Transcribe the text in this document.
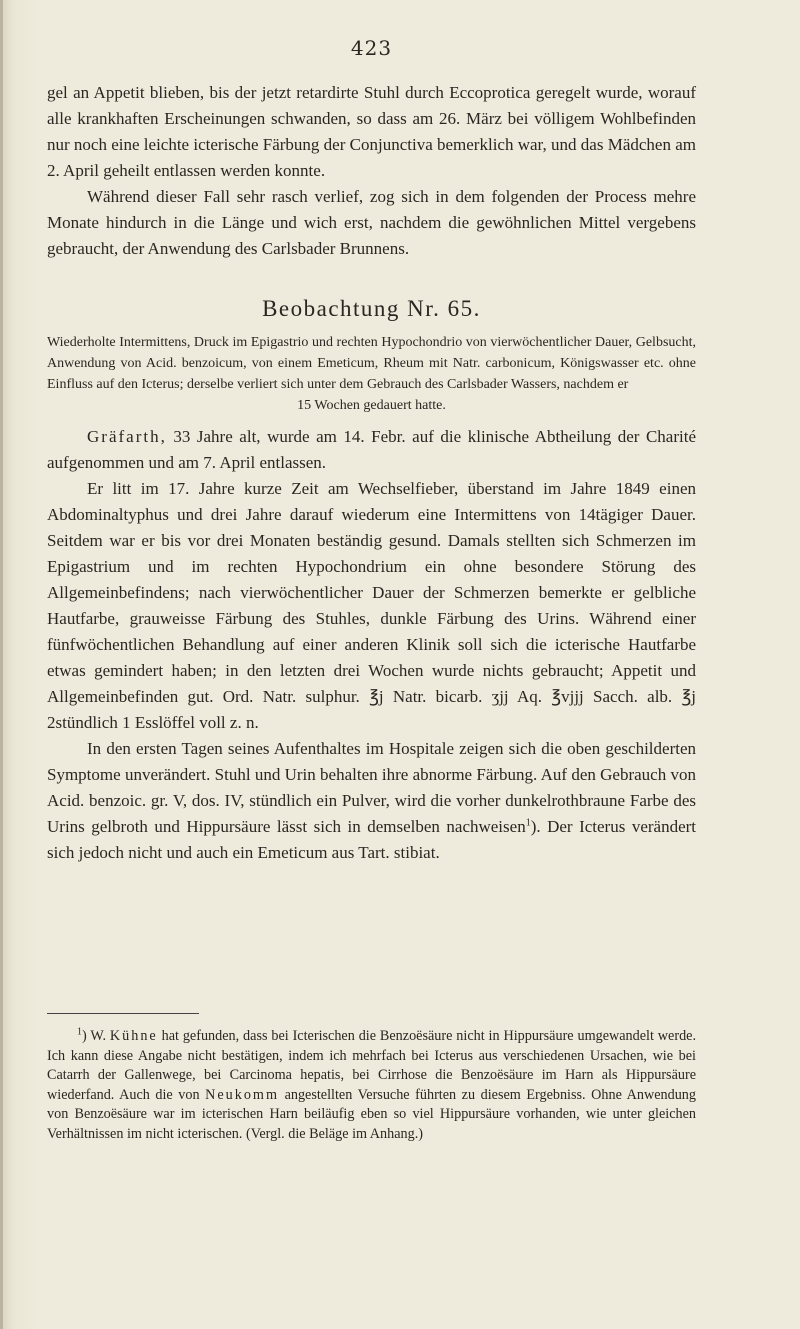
423

gel an Appetit blieben, bis der jetzt retardirte Stuhl durch Eccoprotica geregelt wurde, worauf alle krankhaften Erscheinungen schwanden, so dass am 26. März bei völligem Wohlbefinden nur noch eine leichte icterische Färbung der Conjunctiva bemerklich war, und das Mädchen am 2. April geheilt entlassen werden konnte.

Während dieser Fall sehr rasch verlief, zog sich in dem folgenden der Process mehre Monate hindurch in die Länge und wich erst, nachdem die gewöhnlichen Mittel vergebens gebraucht, der Anwendung des Carlsbader Brunnens.

Beobachtung Nr. 65.

Wiederholte Intermittens, Druck im Epigastrio und rechten Hypochondrio von vierwöchentlicher Dauer, Gelbsucht, Anwendung von Acid. benzoicum, von einem Emeticum, Rheum mit Natr. carbonicum, Königswasser etc. ohne Einfluss auf den Icterus; derselbe verliert sich unter dem Gebrauch des Carlsbader Wassers, nachdem er
15 Wochen gedauert hatte.

Gräfarth, 33 Jahre alt, wurde am 14. Febr. auf die klinische Abtheilung der Charité aufgenommen und am 7. April entlassen.

Er litt im 17. Jahre kurze Zeit am Wechselfieber, überstand im Jahre 1849 einen Abdominaltyphus und drei Jahre darauf wiederum eine Intermittens von 14tägiger Dauer. Seitdem war er bis vor drei Monaten beständig gesund. Damals stellten sich Schmerzen im Epigastrium und im rechten Hypochondrium ein ohne besondere Störung des Allgemeinbefindens; nach vierwöchentlicher Dauer der Schmerzen bemerkte er gelbliche Hautfarbe, grauweisse Färbung des Stuhles, dunkle Färbung des Urins. Während einer fünfwöchentlichen Behandlung auf einer anderen Klinik soll sich die icterische Hautfarbe etwas gemindert haben; in den letzten drei Wochen wurde nichts gebraucht; Appetit und Allgemeinbefinden gut. Ord. Natr. sulphur. ℥j Natr. bicarb. ʒjj Aq. ℥vjjj Sacch. alb. ℥j 2stündlich 1 Esslöffel voll z. n.

In den ersten Tagen seines Aufenthaltes im Hospitale zeigen sich die oben geschilderten Symptome unverändert. Stuhl und Urin behalten ihre abnorme Färbung. Auf den Gebrauch von Acid. benzoic. gr. V, dos. IV, stündlich ein Pulver, wird die vorher dunkelrothbraune Farbe des Urins gelbroth und Hippursäure lässt sich in demselben nachweisen$^1$). Der Icterus verändert sich jedoch nicht und auch ein Emeticum aus Tart. stibiat.

$^1$) W. Kühne hat gefunden, dass bei Icterischen die Benzoësäure nicht in Hippursäure umgewandelt werde. Ich kann diese Angabe nicht bestätigen, indem ich mehrfach bei Icterus aus verschiedenen Ursachen, wie bei Catarrh der Gallenwege, bei Carcinoma hepatis, bei Cirrhose die Benzoësäure im Harn als Hippursäure wiederfand. Auch die von Neukomm angestellten Versuche führten zu diesem Ergebniss. Ohne Anwendung von Benzoësäure war im icterischen Harn beiläufig eben so viel Hippursäure vorhanden, wie unter gleichen Verhältnissen im nicht icterischen. (Vergl. die Beläge im Anhang.)
